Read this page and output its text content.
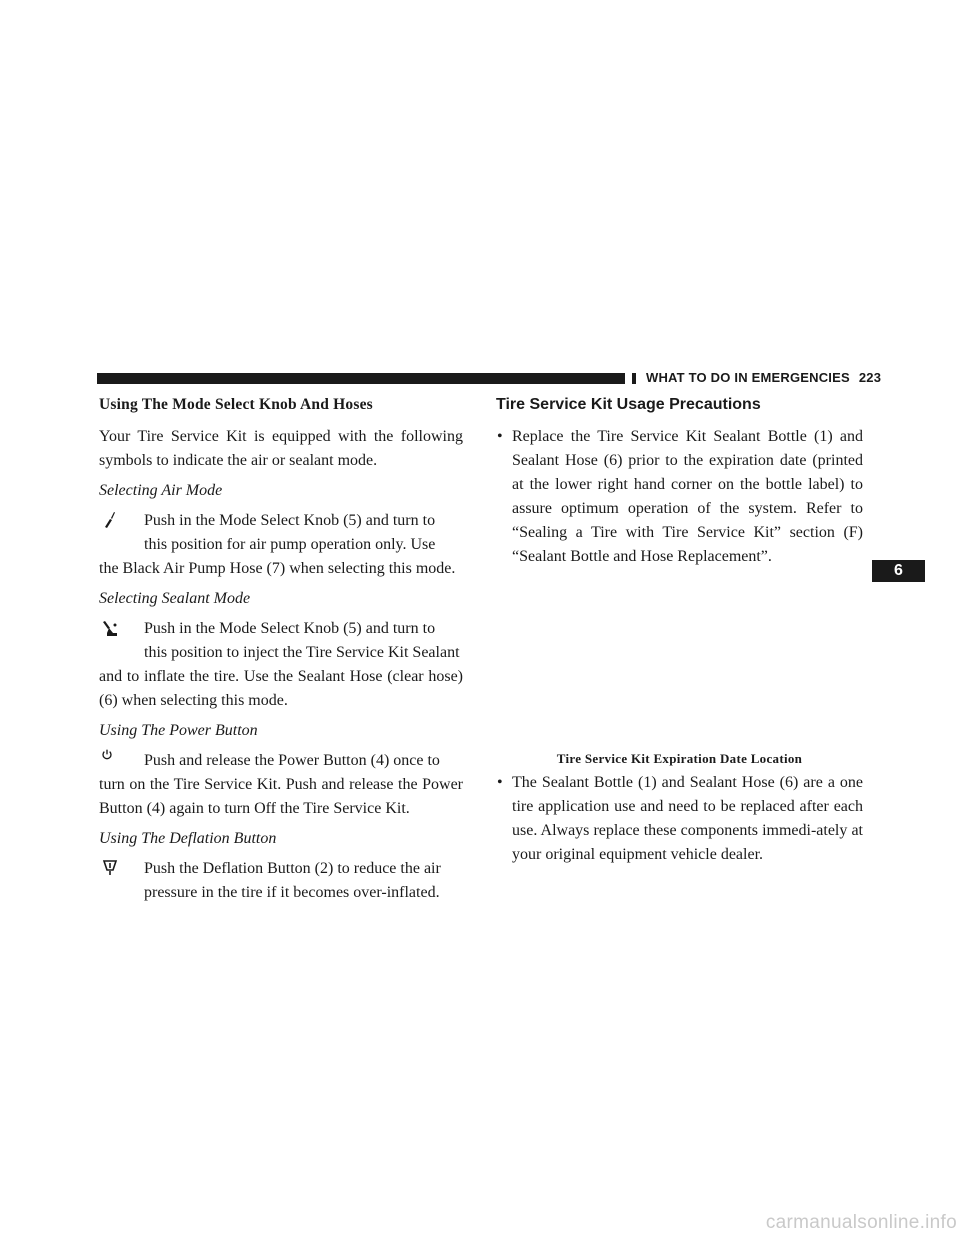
WHAT TO DO IN EMERGENCIES 223
Using The Mode Select Knob And Hoses
Your Tire Service Kit is equipped with the following symbols to indicate the air or sealant mode.
Selecting Air Mode
Push in the Mode Select Knob (5) and turn to
this position for air pump operation only. Use
the Black Air Pump Hose (7) when selecting this mode.
Selecting Sealant Mode
Push in the Mode Select Knob (5) and turn to
this position to inject the Tire Service Kit Sealant
and to inflate the tire. Use the Sealant Hose (clear hose) (6) when selecting this mode.
Using The Power Button
Push and release the Power Button (4) once to
turn on the Tire Service Kit. Push and release the Power Button (4) again to turn Off the Tire Service Kit.
Using The Deflation Button
Push the Deflation Button (2) to reduce the air
pressure in the tire if it becomes over-inflated.
Tire Service Kit Usage Precautions
• Replace the Tire Service Kit Sealant Bottle (1) and Sealant Hose (6) prior to the expiration date (printed at the lower right hand corner on the bottle label) to assure optimum operation of the system. Refer to “Sealing a Tire with Tire Service Kit” section (F) “Sealant Bottle and Hose Replacement”.
Tire Service Kit Expiration Date Location
• The Sealant Bottle (1) and Sealant Hose (6) are a one tire application use and need to be replaced after each use. Always replace these components immedi-ately at your original equipment vehicle dealer.
6
carmanualsonline.info
